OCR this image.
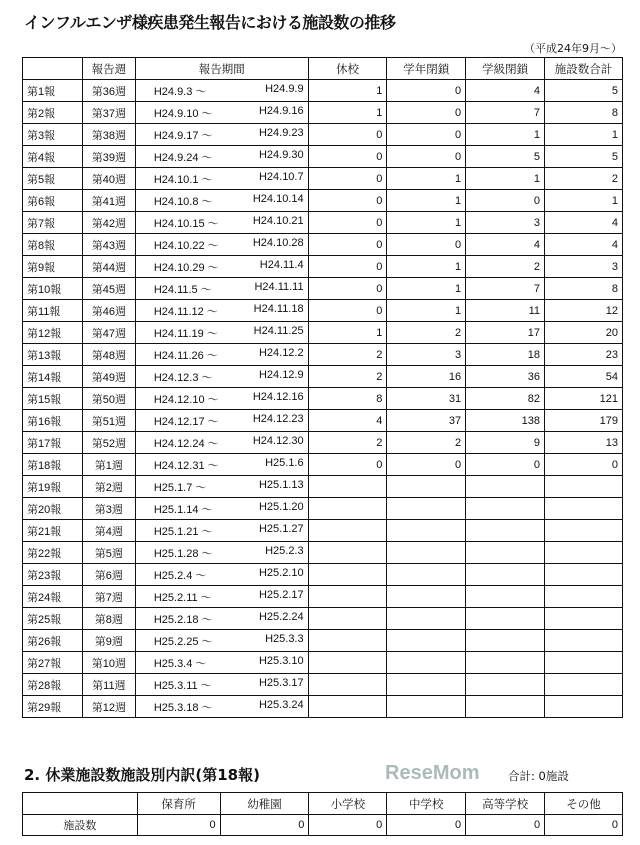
インフルエンザ様疾患発生報告における施設数の推移
（平成24年9月～）
	報告週	報告期間	休校	学年閉鎖	学級閉鎖	施設数合計
第1報	第36週	H24.9.3 ～ H24.9.9	1	0	4	5
第2報	第37週	H24.9.10 ～ H24.9.16	1	0	7	8
第3報	第38週	H24.9.17 ～ H24.9.23	0	0	1	1
第4報	第39週	H24.9.24 ～ H24.9.30	0	0	5	5
第5報	第40週	H24.10.1 ～ H24.10.7	0	1	1	2
第6報	第41週	H24.10.8 ～ H24.10.14	0	1	0	1
第7報	第42週	H24.10.15 ～ H24.10.21	0	1	3	4
第8報	第43週	H24.10.22 ～ H24.10.28	0	0	4	4
第9報	第44週	H24.10.29 ～ H24.11.4	0	1	2	3
第10報	第45週	H24.11.5 ～ H24.11.11	0	1	7	8
第11報	第46週	H24.11.12 ～ H24.11.18	0	1	11	12
第12報	第47週	H24.11.19 ～ H24.11.25	1	2	17	20
第13報	第48週	H24.11.26 ～ H24.12.2	2	3	18	23
第14報	第49週	H24.12.3 ～ H24.12.9	2	16	36	54
第15報	第50週	H24.12.10 ～ H24.12.16	8	31	82	121
第16報	第51週	H24.12.17 ～ H24.12.23	4	37	138	179
第17報	第52週	H24.12.24 ～ H24.12.30	2	2	9	13
第18報	第1週	H24.12.31 ～ H25.1.6	0	0	0	0
第19報	第2週	H25.1.7 ～ H25.1.13				

第20報	第3週	H25.1.14 ～ H25.1.20				

第21報	第4週	H25.1.21 ～ H25.1.27				

第22報	第5週	H25.1.28 ～ H25.2.3				

第23報	第6週	H25.2.4 ～ H25.2.10				

第24報	第7週	H25.2.11 ～ H25.2.17				

第25報	第8週	H25.2.18 ～ H25.2.24				

第26報	第9週	H25.2.25 ～ H25.3.3				

第27報	第10週	H25.3.4 ～ H25.3.10				

第28報	第11週	H25.3.11 ～ H25.3.17				

第29報	第12週	H25.3.18 ～ H25.3.24				

2. 休業施設数施設別内訳(第18報)	合計: 0施設
	保育所	幼稚園	小学校	中学校	高等学校	その他
施設数	0	0	0	0	0	0
ReseMom
